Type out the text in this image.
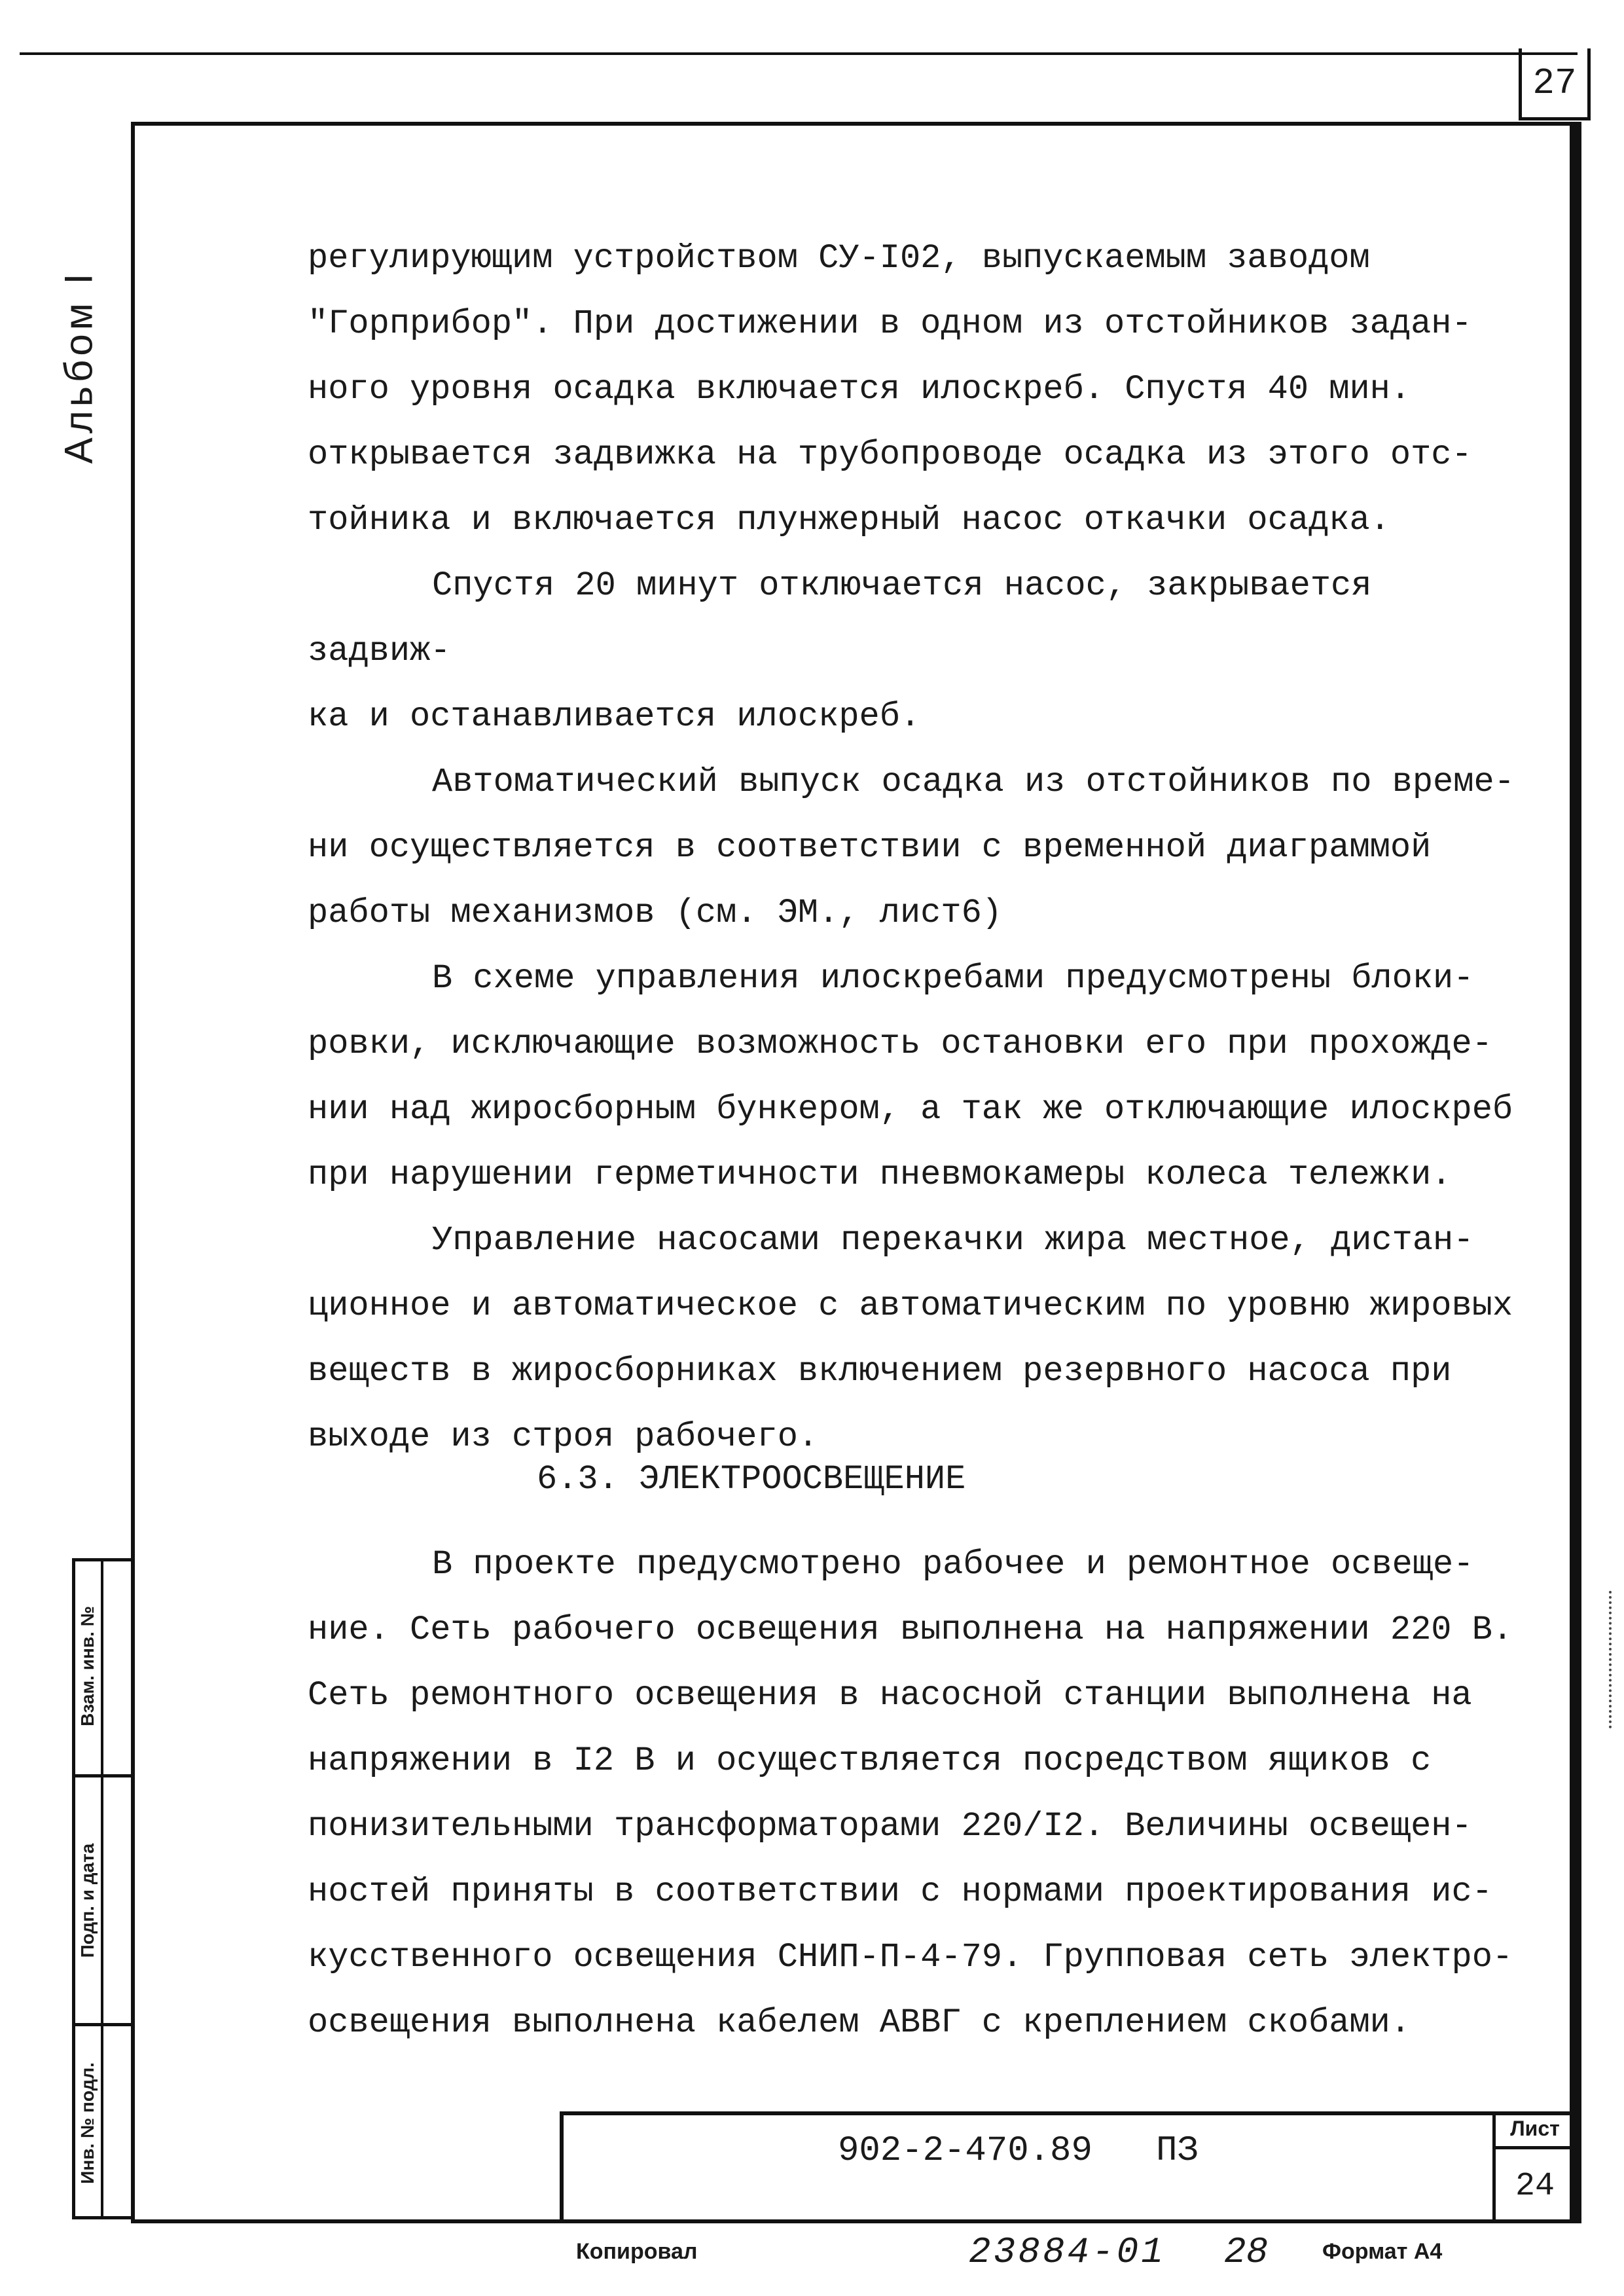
27
Альбом I

регулирующим устройством СУ-I02, выпускаемым заводом
"Горприбор". При достижении в одном из отстойников задан-
ного уровня осадка включается илоскреб. Спустя 40 мин.
открывается задвижка на трубопроводе осадка из этого отс-
тойника и включается плунжерный насос откачки осадка.

Спустя 20 минут отключается насос, закрывается задвиж-
ка и останавливается илоскреб.

Автоматический выпуск осадка из отстойников по време-
ни осуществляется в соответствии с временной диаграммой
работы механизмов (см. ЭМ., лист6)

В схеме управления илоскребами предусмотрены блоки-
ровки, исключающие возможность остановки его при прохожде-
нии над жиросборным бункером, а так же отключающие илоскреб
при нарушении герметичности пневмокамеры колеса тележки.

Управление насосами перекачки жира местное, дистан-
ционное и автоматическое с автоматическим по уровню жировых
веществ в жиросборниках включением резервного насоса при
выходе из строя рабочего.

6.3. ЭЛЕКТРООСВЕЩЕНИЕ

В проекте предусмотрено рабочее и ремонтное освеще-
ние. Сеть рабочего освещения выполнена на напряжении 220 В.
Сеть ремонтного освещения в насосной станции выполнена на
напряжении в I2 В и осуществляется посредством ящиков с
понизительными трансформаторами 220/I2. Величины освещен-
ностей приняты в соответствии с нормами проектирования ис-
кусственного освещения СНИП-П-4-79. Групповая сеть электро-
освещения выполнена кабелем АВВГ с креплением скобами.

Взам. инв. №
Подп. и дата
Инв. № подл.	902-2-470.89   ПЗ
Лист
24
Копировал	23884-01 28 Формат А4
